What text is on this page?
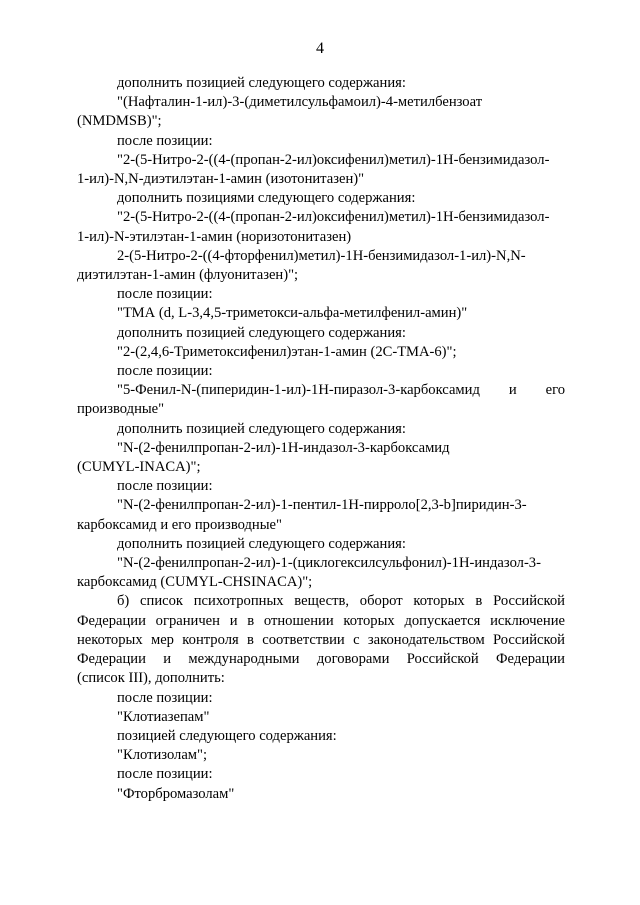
4
дополнить позицией следующего содержания:
"(Нафталин-1-ил)-3-(диметилсульфамоил)-4-метилбензоат
(NMDMSB)";
после позиции:
"2-(5-Нитро-2-((4-(пропан-2-ил)оксифенил)метил)-1Н-бензимидазол-
1-ил)-N,N-диэтилэтан-1-амин (изотонитазен)"
дополнить позициями следующего содержания:
"2-(5-Нитро-2-((4-(пропан-2-ил)оксифенил)метил)-1Н-бензимидазол-
1-ил)-N-этилэтан-1-амин (норизотонитазен)
2-(5-Нитро-2-((4-фторфенил)метил)-1Н-бензимидазол-1-ил)-N,N-
диэтилэтан-1-амин (флуонитазен)";
после позиции:
"ТМА (d, L-3,4,5-триметокси-альфа-метилфенил-амин)"
дополнить позицией следующего содержания:
"2-(2,4,6-Триметоксифенил)этан-1-амин (2С-ТМА-6)";
после позиции:
"5-Фенил-N-(пиперидин-1-ил)-1Н-пиразол-3-карбоксамид и его
производные"
дополнить позицией следующего содержания:
"N-(2-фенилпропан-2-ил)-1Н-индазол-3-карбоксамид
(CUMYL-INACA)";
после позиции:
"N-(2-фенилпропан-2-ил)-1-пентил-1Н-пирроло[2,3-b]пиридин-3-
карбоксамид и его производные"
дополнить позицией следующего содержания:
"N-(2-фенилпропан-2-ил)-1-(циклогексилсульфонил)-1Н-индазол-3-
карбоксамид (CUMYL-CHSINACA)";
б) список психотропных веществ, оборот которых в Российской
Федерации ограничен и в отношении которых допускается исключение
некоторых мер контроля в соответствии с законодательством Российской
Федерации и международными договорами Российской Федерации
(список III), дополнить:
после позиции:
"Клотиазепам"
позицией следующего содержания:
"Клотизолам";
после позиции:
"Фторбромазолам"
